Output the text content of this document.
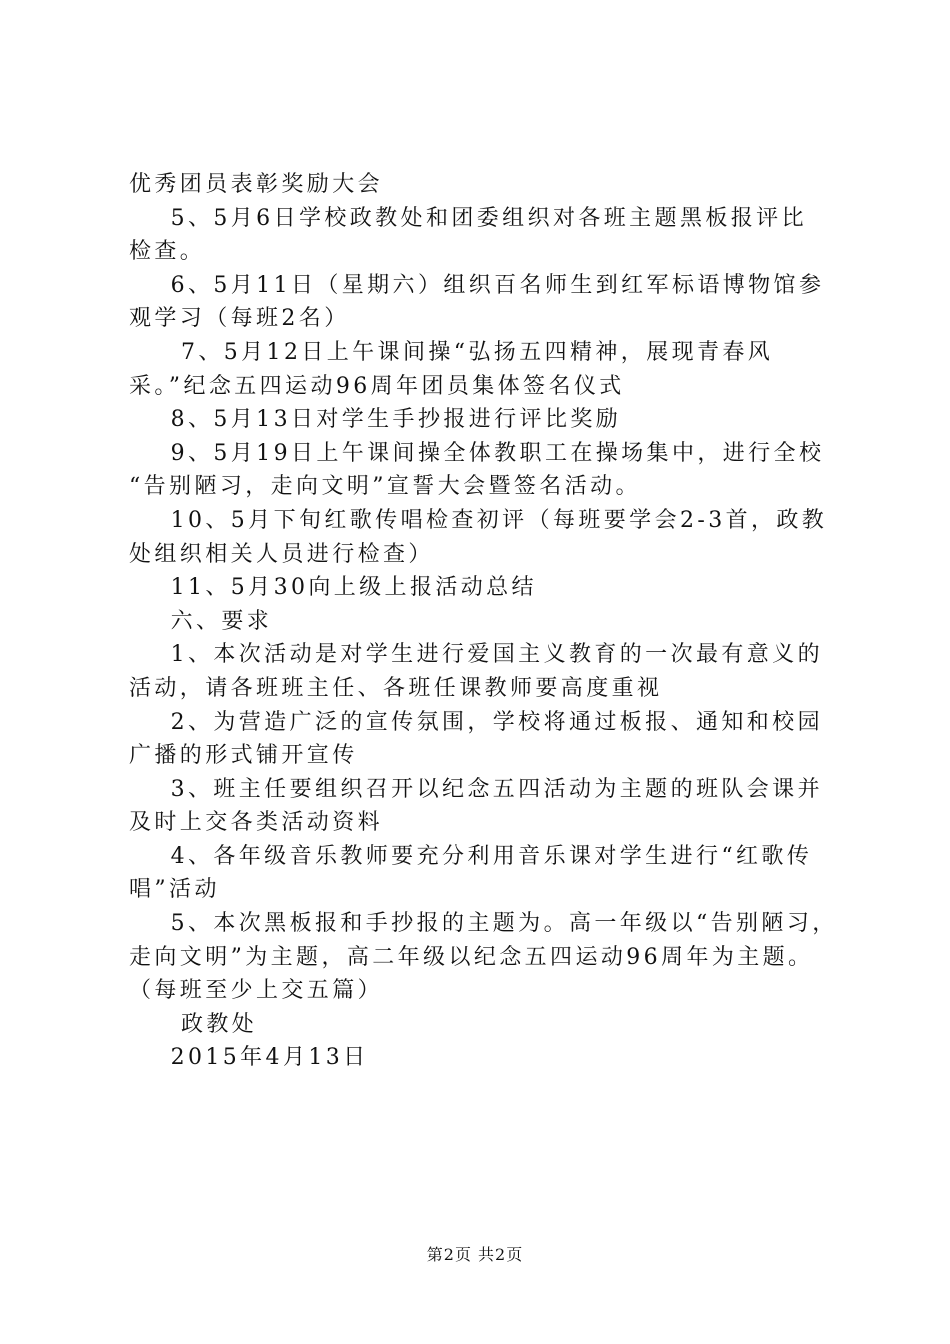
优秀团员表彰奖励大会
5、5月6日学校政教处和团委组织对各班主题黑板报评比
检查。
6、5月11日（星期六）组织百名师生到红军标语博物馆参
观学习（每班2名）
7、5月12日上午课间操“弘扬五四精神，展现青春风
采。”纪念五四运动96周年团员集体签名仪式
8、5月13日对学生手抄报进行评比奖励
9、5月19日上午课间操全体教职工在操场集中，进行全校
“告别陋习，走向文明”宣誓大会暨签名活动。
10、5月下旬红歌传唱检查初评（每班要学会2-3首，政教
处组织相关人员进行检查）
11、5月30向上级上报活动总结
六、要求
1、本次活动是对学生进行爱国主义教育的一次最有意义的
活动，请各班班主任、各班任课教师要高度重视
2、为营造广泛的宣传氛围，学校将通过板报、通知和校园
广播的形式铺开宣传
3、班主任要组织召开以纪念五四活动为主题的班队会课并
及时上交各类活动资料
4、各年级音乐教师要充分利用音乐课对学生进行“红歌传
唱”活动
5、本次黑板报和手抄报的主题为。高一年级以“告别陋习，
走向文明”为主题，高二年级以纪念五四运动96周年为主题。
（每班至少上交五篇）
政教处
2015年4月13日
第2页 共2页
